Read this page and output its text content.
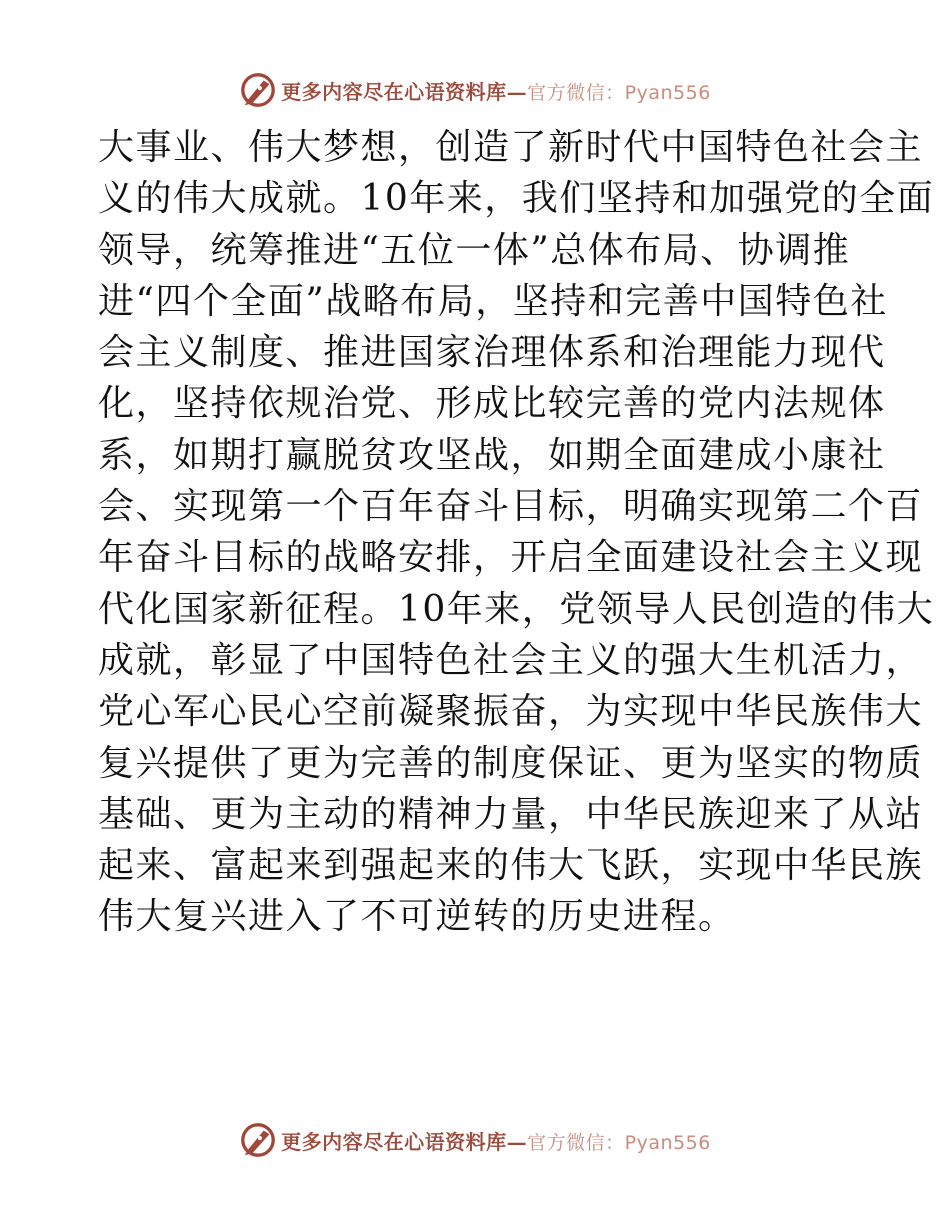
更多内容尽在心语资料库—官方微信：Pyan556
大事业、伟大梦想，创造了新时代中国特色社会主
义的伟大成就。10年来，我们坚持和加强党的全面
领导，统筹推进“五位一体”总体布局、协调推
进“四个全面”战略布局，坚持和完善中国特色社
会主义制度、推进国家治理体系和治理能力现代
化，坚持依规治党、形成比较完善的党内法规体
系，如期打赢脱贫攻坚战，如期全面建成小康社
会、实现第一个百年奋斗目标，明确实现第二个百
年奋斗目标的战略安排，开启全面建设社会主义现
代化国家新征程。10年来，党领导人民创造的伟大
成就，彰显了中国特色社会主义的强大生机活力，
党心军心民心空前凝聚振奋，为实现中华民族伟大
复兴提供了更为完善的制度保证、更为坚实的物质
基础、更为主动的精神力量，中华民族迎来了从站
起来、富起来到强起来的伟大飞跃，实现中华民族
伟大复兴进入了不可逆转的历史进程。
更多内容尽在心语资料库—官方微信：Pyan556
